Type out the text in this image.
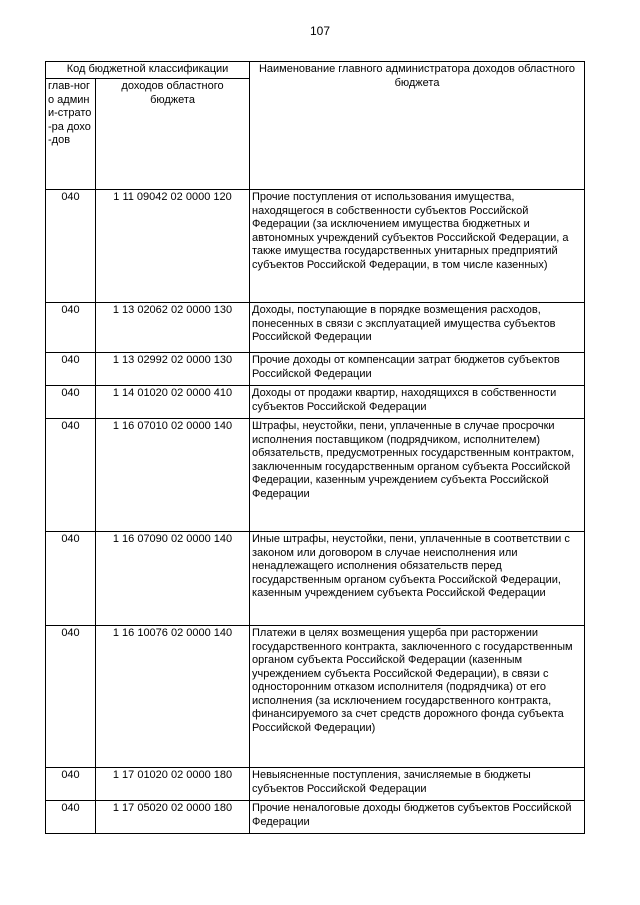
107
Код бюджетной классификации		Наименование главного администратора доходов областного бюджета
глав-ного админи-страто-ра дохо-дов	доходов областного бюджета	
040	1 11 09042 02 0000 120	Прочие поступления от использования имущества, находящегося в собственности субъектов Российской Федерации (за исключением имущества бюджетных и автономных учреждений субъектов Российской Федерации, а также имущества государственных унитарных предприятий субъектов Российской Федерации, в том числе казенных)
040	1 13 02062 02 0000 130	Доходы, поступающие в порядке возмещения расходов, понесенных в связи с эксплуатацией имущества субъектов Российской Федерации
040	1 13 02992 02 0000 130	Прочие доходы от компенсации затрат бюджетов субъектов Российской Федерации
040	1 14 01020 02 0000 410	Доходы от продажи квартир, находящихся в собственности субъектов Российской Федерации
040	1 16 07010 02 0000 140	Штрафы, неустойки, пени, уплаченные в случае просрочки исполнения поставщиком (подрядчиком, исполнителем) обязательств, предусмотренных государственным контрактом, заключенным государственным органом субъекта Российской Федерации, казенным учреждением субъекта Российской Федерации
040	1 16 07090 02 0000 140	Иные штрафы, неустойки, пени, уплаченные в соответствии с законом или договором в случае неисполнения или ненадлежащего исполнения обязательств перед государственным органом субъекта Российской Федерации, казенным учреждением субъекта Российской Федерации
040	1 16 10076 02 0000 140	Платежи в целях возмещения ущерба при расторжении государственного контракта, заключенного с государственным органом субъекта Российской Федерации (казенным учреждением субъекта Российской Федерации), в связи с односторонним отказом исполнителя (подрядчика) от его исполнения (за исключением государственного контракта, финансируемого за счет средств дорожного фонда субъекта Российской Федерации)
040	1 17 01020 02 0000 180	Невыясненные поступления, зачисляемые в бюджеты субъектов Российской Федерации
040	1 17 05020 02 0000 180	Прочие неналоговые доходы бюджетов субъектов Российской Федерации
